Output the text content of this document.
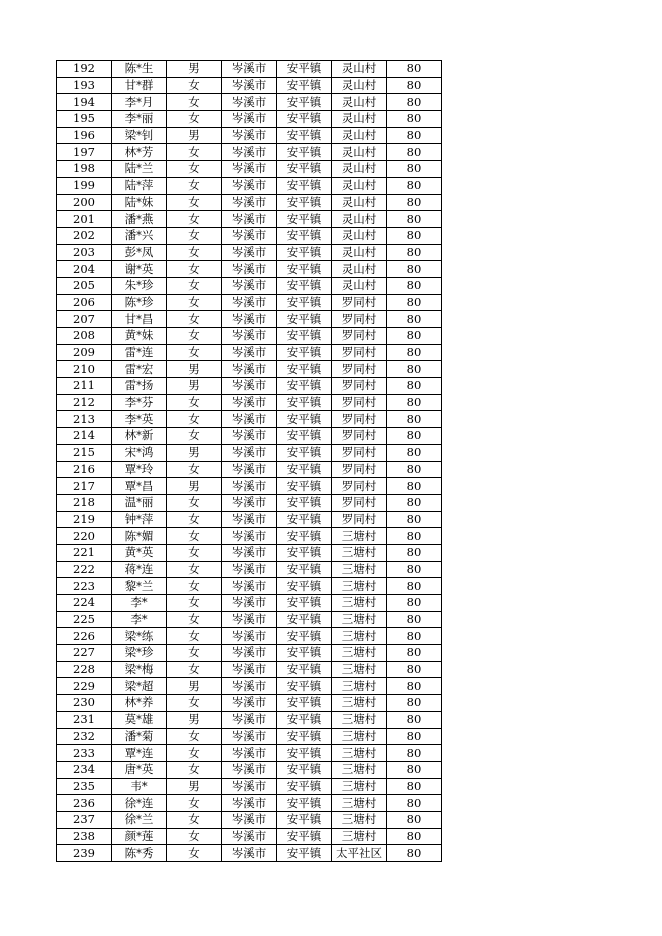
192	陈*生	男	岑溪市	安平镇	灵山村	80
193	甘*群	女	岑溪市	安平镇	灵山村	80
194	李*月	女	岑溪市	安平镇	灵山村	80
195	李*丽	女	岑溪市	安平镇	灵山村	80
196	梁*钊	男	岑溪市	安平镇	灵山村	80
197	林*芳	女	岑溪市	安平镇	灵山村	80
198	陆*兰	女	岑溪市	安平镇	灵山村	80
199	陆*萍	女	岑溪市	安平镇	灵山村	80
200	陆*妹	女	岑溪市	安平镇	灵山村	80
201	潘*燕	女	岑溪市	安平镇	灵山村	80
202	潘*兴	女	岑溪市	安平镇	灵山村	80
203	彭*凤	女	岑溪市	安平镇	灵山村	80
204	谢*英	女	岑溪市	安平镇	灵山村	80
205	朱*珍	女	岑溪市	安平镇	灵山村	80
206	陈*珍	女	岑溪市	安平镇	罗同村	80
207	甘*昌	女	岑溪市	安平镇	罗同村	80
208	黄*妹	女	岑溪市	安平镇	罗同村	80
209	雷*连	女	岑溪市	安平镇	罗同村	80
210	雷*宏	男	岑溪市	安平镇	罗同村	80
211	雷*扬	男	岑溪市	安平镇	罗同村	80
212	李*芬	女	岑溪市	安平镇	罗同村	80
213	李*英	女	岑溪市	安平镇	罗同村	80
214	林*新	女	岑溪市	安平镇	罗同村	80
215	宋*鸿	男	岑溪市	安平镇	罗同村	80
216	覃*玲	女	岑溪市	安平镇	罗同村	80
217	覃*昌	男	岑溪市	安平镇	罗同村	80
218	温*丽	女	岑溪市	安平镇	罗同村	80
219	钟*萍	女	岑溪市	安平镇	罗同村	80
220	陈*媚	女	岑溪市	安平镇	三塘村	80
221	黄*英	女	岑溪市	安平镇	三塘村	80
222	蒋*连	女	岑溪市	安平镇	三塘村	80
223	黎*兰	女	岑溪市	安平镇	三塘村	80
224	李*	女	岑溪市	安平镇	三塘村	80
225	李*	女	岑溪市	安平镇	三塘村	80
226	梁*练	女	岑溪市	安平镇	三塘村	80
227	梁*珍	女	岑溪市	安平镇	三塘村	80
228	梁*梅	女	岑溪市	安平镇	三塘村	80
229	梁*超	男	岑溪市	安平镇	三塘村	80
230	林*养	女	岑溪市	安平镇	三塘村	80
231	莫*雄	男	岑溪市	安平镇	三塘村	80
232	潘*菊	女	岑溪市	安平镇	三塘村	80
233	覃*连	女	岑溪市	安平镇	三塘村	80
234	唐*英	女	岑溪市	安平镇	三塘村	80
235	韦*	男	岑溪市	安平镇	三塘村	80
236	徐*连	女	岑溪市	安平镇	三塘村	80
237	徐*兰	女	岑溪市	安平镇	三塘村	80
238	颜*莲	女	岑溪市	安平镇	三塘村	80
239	陈*秀	女	岑溪市	安平镇	太平社区	80
